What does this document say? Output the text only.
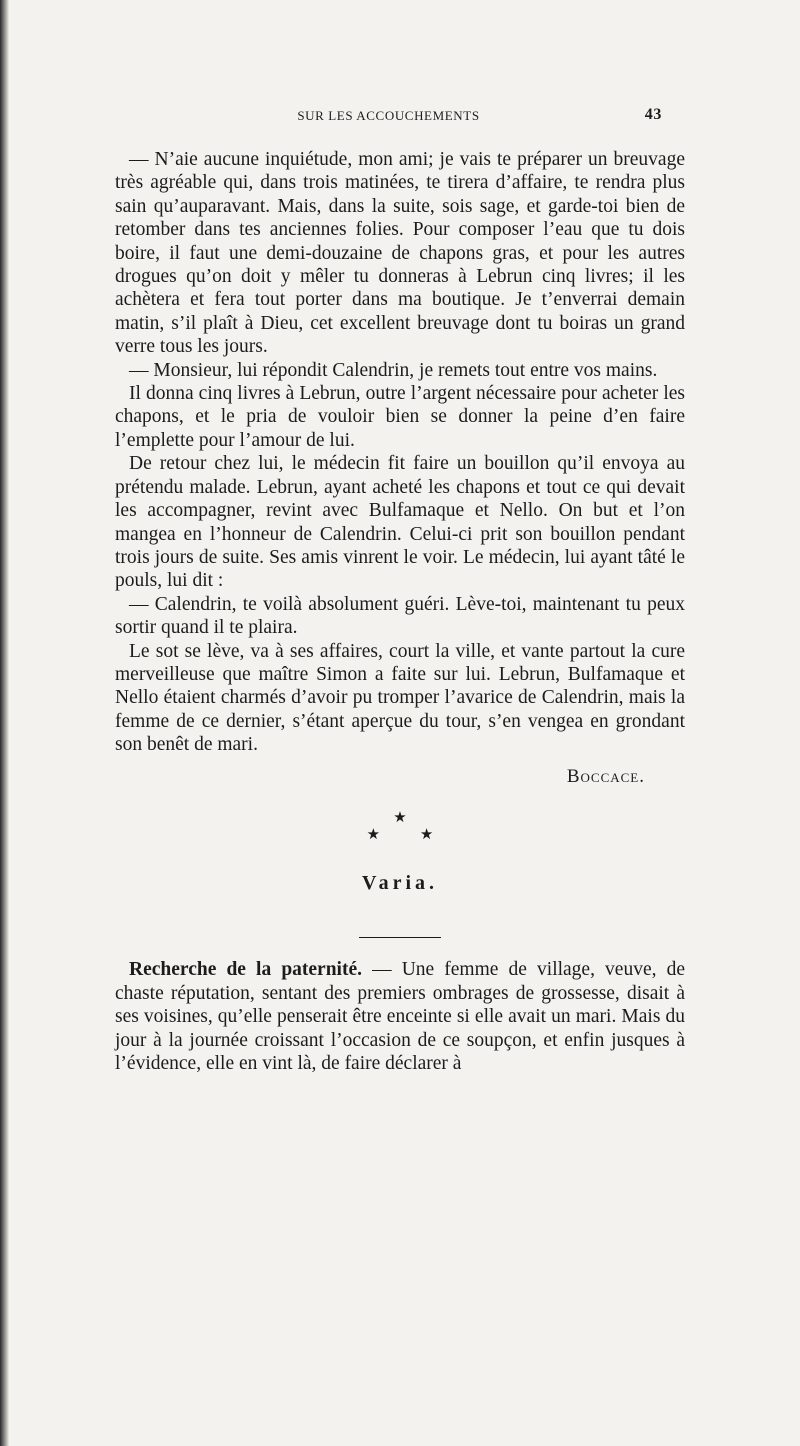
SUR LES ACCOUCHEMENTS	43

— N’aie aucune inquiétude, mon ami; je vais te préparer un breuvage très agréable qui, dans trois matinées, te tirera d’affaire, te rendra plus sain qu’auparavant. Mais, dans la suite, sois sage, et garde-toi bien de retomber dans tes anciennes folies. Pour composer l’eau que tu dois boire, il faut une demi-douzaine de chapons gras, et pour les autres drogues qu’on doit y mêler tu donneras à Lebrun cinq livres; il les achètera et fera tout porter dans ma boutique. Je t’enverrai demain matin, s’il plaît à Dieu, cet excellent breuvage dont tu boiras un grand verre tous les jours.

— Monsieur, lui répondit Calendrin, je remets tout entre vos mains.

Il donna cinq livres à Lebrun, outre l’argent nécessaire pour acheter les chapons, et le pria de vouloir bien se donner la peine d’en faire l’emplette pour l’amour de lui.

De retour chez lui, le médecin fit faire un bouillon qu’il envoya au prétendu malade. Lebrun, ayant acheté les chapons et tout ce qui devait les accompagner, revint avec Bulfamaque et Nello. On but et l’on mangea en l’honneur de Calendrin. Celui-ci prit son bouillon pendant trois jours de suite. Ses amis vinrent le voir. Le médecin, lui ayant tâté le pouls, lui dit :

— Calendrin, te voilà absolument guéri. Lève-toi, maintenant tu peux sortir quand il te plaira.

Le sot se lève, va à ses affaires, court la ville, et vante partout la cure merveilleuse que maître Simon a faite sur lui. Lebrun, Bulfamaque et Nello étaient charmés d’avoir pu tromper l’avarice de Calendrin, mais la femme de ce dernier, s’étant aperçue du tour, s’en vengea en grondant son benêt de mari.

Boccace.
★
★ ★
Varia.

Recherche de la paternité. — Une femme de village, veuve, de chaste réputation, sentant des premiers ombrages de grossesse, disait à ses voisines, qu’elle penserait être enceinte si elle avait un mari. Mais du jour à la journée croissant l’occasion de ce soupçon, et enfin jusques à l’évidence, elle en vint là, de faire déclarer à
